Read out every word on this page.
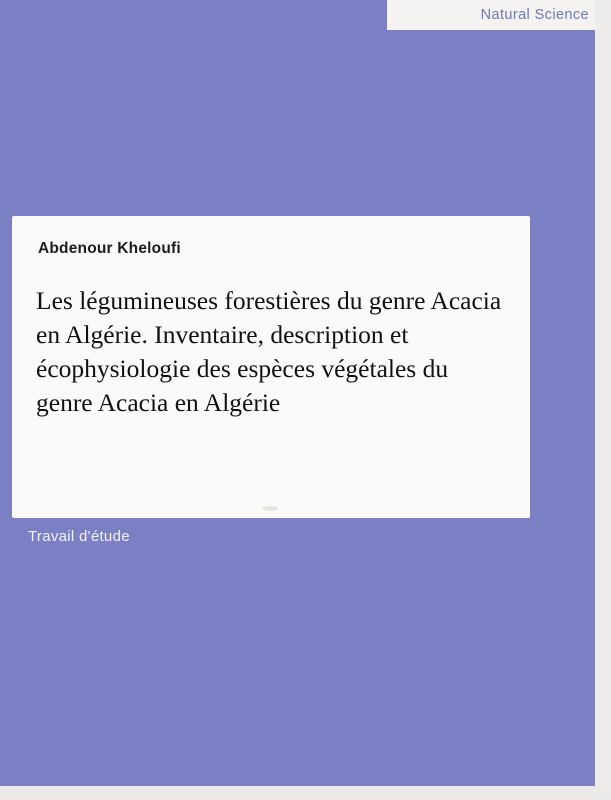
Natural Science
Abdenour Kheloufi
Les légumineuses forestières du genre Acacia en Algérie. Inventaire, description et écophysiologie des espèces végétales du genre Acacia en Algérie
Travail d'étude
